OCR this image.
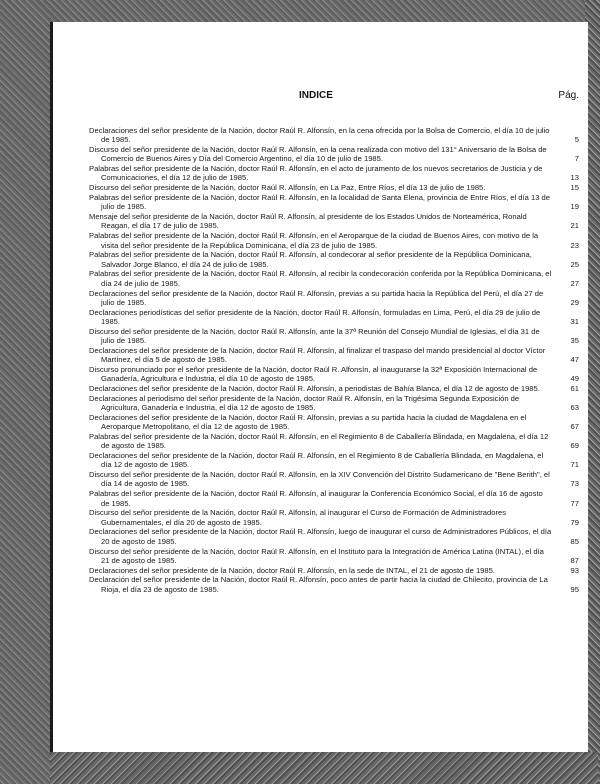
INDICE	Pág.
Declaraciones del señor presidente de la Nación, doctor Raúl R. Alfonsín, en la cena ofrecida por la Bolsa de Comercio, el día 10 de julio de 1985.	5
Discurso del señor presidente de la Nación, doctor Raúl R. Alfonsín, en la cena realizada con motivo del 131° Aniversario de la Bolsa de Comercio de Buenos Aires y Día del Comercio Argentino, el día 10 de julio de 1985.	7
Palabras del señor presidente de la Nación, doctor Raúl R. Alfonsín, en el acto de juramento de los nuevos secretarios de Justicia y de Comunicaciones, el día 12 de julio de 1985.	13
Discurso del señor presidente de la Nación, doctor Raúl R. Alfonsín, en La Paz, Entre Ríos, el día 13 de julio de 1985.	15
Palabras del señor presidente de la Nación, doctor Raúl R. Alfonsín, en la localidad de Santa Elena, provincia de Entre Ríos, el día 13 de julio de 1985.	19
Mensaje del señor presidente de la Nación, doctor Raúl R. Alfonsín, al presidente de los Estados Unidos de Norteamérica, Ronald Reagan, el día 17 de julio de 1985.	21
Palabras del señor presidente de la Nación, doctor Raúl R. Alfonsín, en el Aeroparque de la ciudad de Buenos Aires, con motivo de la visita del señor presidente de la República Dominicana, el día 23 de julio de 1985.	23
Palabras del señor presidente de la Nación, doctor Raúl R. Alfonsín, al condecorar al señor presidente de la República Dominicana, Salvador Jorge Blanco, el día 24 de julio de 1985.	25
Palabras del señor presidente de la Nación, doctor Raúl R. Alfonsín, al recibir la condecoración conferida por la República Dominicana, el día 24 de julio de 1985.	27
Declaraciones del señor presidente de la Nación, doctor Raúl R. Alfonsín, previas a su partida hacia la República del Perú, el día 27 de julio de 1985.	29
Declaraciones periodísticas del señor presidente de la Nación, doctor Raúl R. Alfonsín, formuladas en Lima, Perú, el día 29 de julio de 1985.	31
Discurso del señor presidente de la Nación, doctor Raúl R. Alfonsín, ante la 37ª Reunión del Consejo Mundial de Iglesias, el día 31 de julio de 1985.	35
Declaraciones del señor presidente de la Nación, doctor Raúl R. Alfonsín, al finalizar el traspaso del mando presidencial al doctor Víctor Martínez, el día 5 de agosto de 1985.	47
Discurso pronunciado por el señor presidente de la Nación, doctor Raúl R. Alfonsín, al inaugurarse la 32ª Exposición Internacional de Ganadería, Agricultura e Industria, el día 10 de agosto de 1985.	49
Declaraciones del señor presidente de la Nación, doctor Raúl R. Alfonsín, a periodistas de Bahía Blanca, el día 12 de agosto de 1985.	61
Declaraciones al periodismo del señor presidente de la Nación, doctor Raúl R. Alfonsín, en la Trigésima Segunda Exposición de Agricultura, Ganadería e Industria, el día 12 de agosto de 1985.	63
Declaraciones del señor presidente de la Nación, doctor Raúl R. Alfonsín, previas a su partida hacia la ciudad de Magdalena en el Aeroparque Metropolitano, el día 12 de agosto de 1985.	67
Palabras del señor presidente de la Nación, doctor Raúl R. Alfonsín, en el Regimiento 8 de Caballería Blindada, en Magdalena, el día 12 de agosto de 1985.	69
Declaraciones del señor presidente de la Nación, doctor Raúl R. Alfonsín, en el Regimiento 8 de Caballería Blindada, en Magdalena, el día 12 de agosto de 1985.	71
Discurso del señor presidente de la Nación, doctor Raúl R. Alfonsín, en la XIV Convención del Distrito Sudamericano de "Bene Berith", el día 14 de agosto de 1985.	73
Palabras del señor presidente de la Nación, doctor Raúl R. Alfonsín, al inaugurar la Conferencia Económico Social, el día 16 de agosto de 1985.	77
Discurso del señor presidente de la Nación, doctor Raúl R. Alfonsín, al inaugurar el Curso de Formación de Administradores Gubernamentales, el día 20 de agosto de 1985.	79
Declaraciones del señor presidente de la Nación, doctor Raúl R. Alfonsín, luego de inaugurar el curso de Administradores Públicos, el día 20 de agosto de 1985.	85
Discurso del señor presidente de la Nación, doctor Raúl R. Alfonsín, en el Instituto para la Integración de América Latina (INTAL), el día 21 de agosto de 1985.	87
Declaraciones del señor presidente de la Nación, doctor Raúl R. Alfonsín, en la sede de INTAL, el 21 de agosto de 1985.	93
Declaración del señor presidente de la Nación, doctor Raúl R. Alfonsín, poco antes de partir hacia la ciudad de Chilecito, provincia de La Rioja, el día 23 de agosto de 1985.	95
